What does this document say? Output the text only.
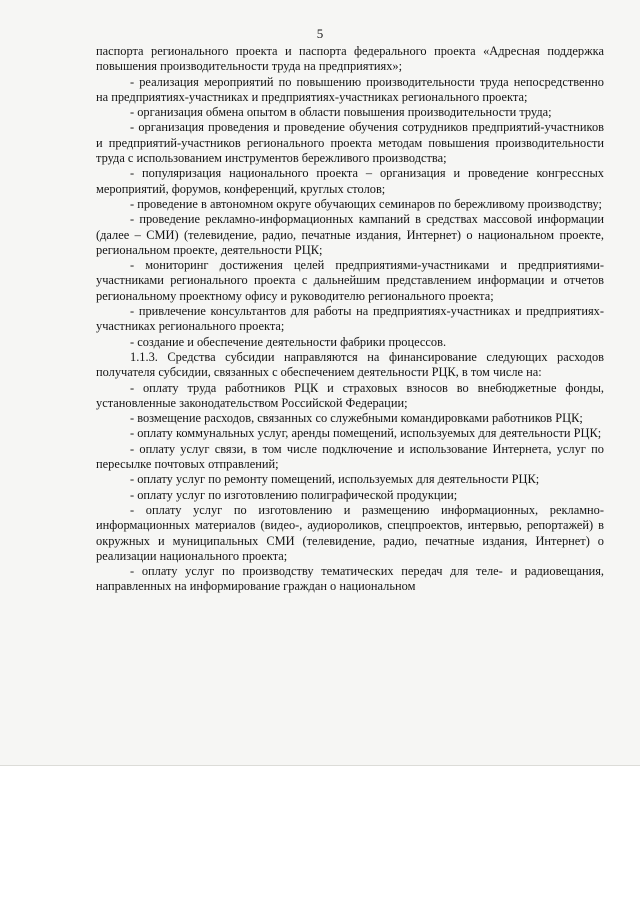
5

паспорта регионального проекта и паспорта федерального проекта «Адресная поддержка повышения производительности труда на предприятиях»;

- реализация мероприятий по повышению производительности труда непосредственно на предприятиях-участниках и предприятиях-участниках регионального проекта;

- организация обмена опытом в области повышения производительности труда;

- организация проведения и проведение обучения сотрудников предприятий-участников и предприятий-участников регионального проекта методам повышения производительности труда с использованием инструментов бережливого производства;

- популяризация национального проекта – организация и проведение конгрессных мероприятий, форумов, конференций, круглых столов;

- проведение в автономном округе обучающих семинаров по бережливому производству;

- проведение рекламно-информационных кампаний в средствах массовой информации (далее – СМИ) (телевидение, радио, печатные издания, Интернет) о национальном проекте, региональном проекте, деятельности РЦК;

- мониторинг достижения целей предприятиями-участниками и предприятиями-участниками регионального проекта с дальнейшим представлением информации и отчетов региональному проектному офису и руководителю регионального проекта;

- привлечение консультантов для работы на предприятиях-участниках и предприятиях-участниках регионального проекта;

- создание и обеспечение деятельности фабрики процессов.

1.1.3. Средства субсидии направляются на финансирование следующих расходов получателя субсидии, связанных с обеспечением деятельности РЦК, в том числе на:

- оплату труда работников РЦК и страховых взносов во внебюджетные фонды, установленные законодательством Российской Федерации;

- возмещение расходов, связанных со служебными командировками работников РЦК;

- оплату коммунальных услуг, аренды помещений, используемых для деятельности РЦК;

- оплату услуг связи, в том числе подключение и использование Интернета, услуг по пересылке почтовых отправлений;

- оплату услуг по ремонту помещений, используемых для деятельности РЦК;

- оплату услуг по изготовлению полиграфической продукции;

- оплату услуг по изготовлению и размещению информационных, рекламно-информационных материалов (видео-, аудиороликов, спецпроектов, интервью, репортажей) в окружных и муниципальных СМИ (телевидение, радио, печатные издания, Интернет) о реализации национального проекта;

- оплату услуг по производству тематических передач для теле- и радиовещания, направленных на информирование граждан о национальном
